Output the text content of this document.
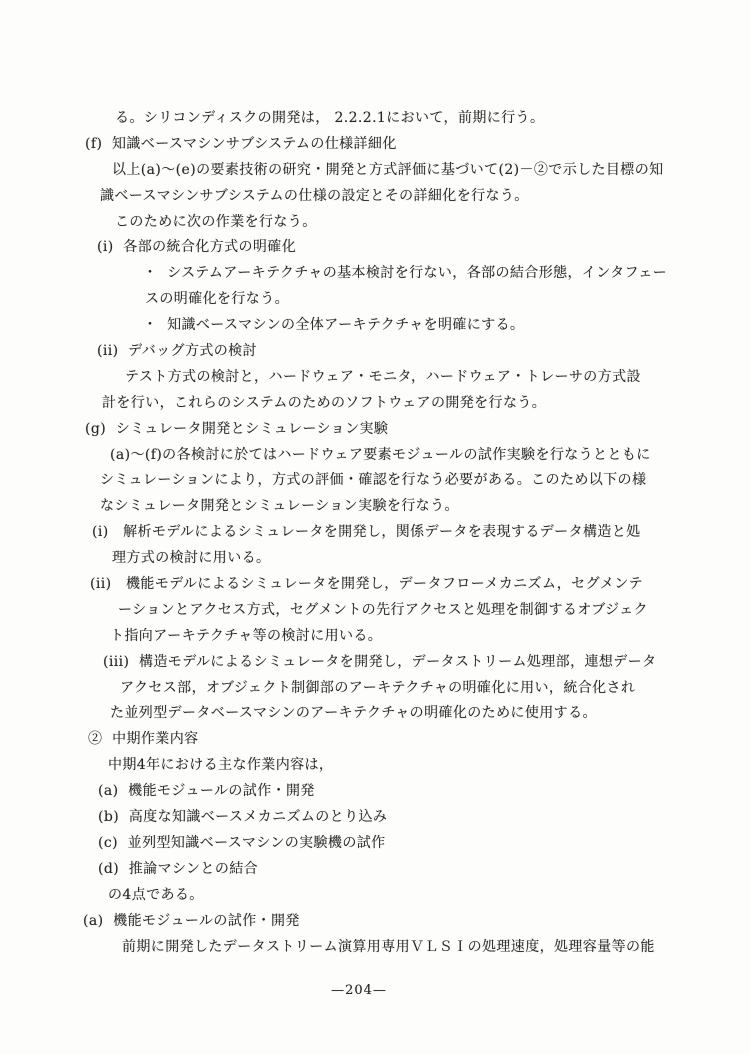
る。シリコンディスクの開発は， 2.2.2.1において，前期に行う。
(f)  知識ベースマシンサブシステムの仕様詳細化
以上(a)～(e)の要素技術の研究・開発と方式評価に基づいて(2)－②で示した目標の知
識ベースマシンサブシステムの仕様の設定とその詳細化を行なう。
このために次の作業を行なう。
(i)  各部の統合化方式の明確化
・  システムアーキテクチャの基本検討を行ない，各部の結合形態，インタフェー
スの明確化を行なう。
・  知識ベースマシンの全体アーキテクチャを明確にする。
(ii)  デバッグ方式の検討
テスト方式の検討と，ハードウェア・モニタ，ハードウェア・トレーサの方式設
計を行い，これらのシステムのためのソフトウェアの開発を行なう。
(g)  シミュレータ開発とシミュレーション実験
(a)～(f)の各検討に於てはハードウェア要素モジュールの試作実験を行なうとともに
シミュレーションにより，方式の評価・確認を行なう必要がある。このため以下の様
なシミュレータ開発とシミュレーション実験を行なう。
(i)   解析モデルによるシミュレータを開発し，関係データを表現するデータ構造と処
理方式の検討に用いる。
(ii)   機能モデルによるシミュレータを開発し，データフローメカニズム，セグメンテ
ーションとアクセス方式，セグメントの先行アクセスと処理を制御するオブジェク
ト指向アーキテクチャ等の検討に用いる。
(iii)  構造モデルによるシミュレータを開発し，データストリーム処理部，連想データ
アクセス部，オブジェクト制御部のアーキテクチャの明確化に用い，統合化され
た並列型データベースマシンのアーキテクチャの明確化のために使用する。
②  中期作業内容
中期4年における主な作業内容は，
(a)  機能モジュールの試作・開発
(b)  高度な知識ベースメカニズムのとり込み
(c)  並列型知識ベースマシンの実験機の試作
(d)  推論マシンとの結合
の4点である。
(a)  機能モジュールの試作・開発
前期に開発したデータストリーム演算用専用ＶＬＳＩの処理速度，処理容量等の能
—204—
